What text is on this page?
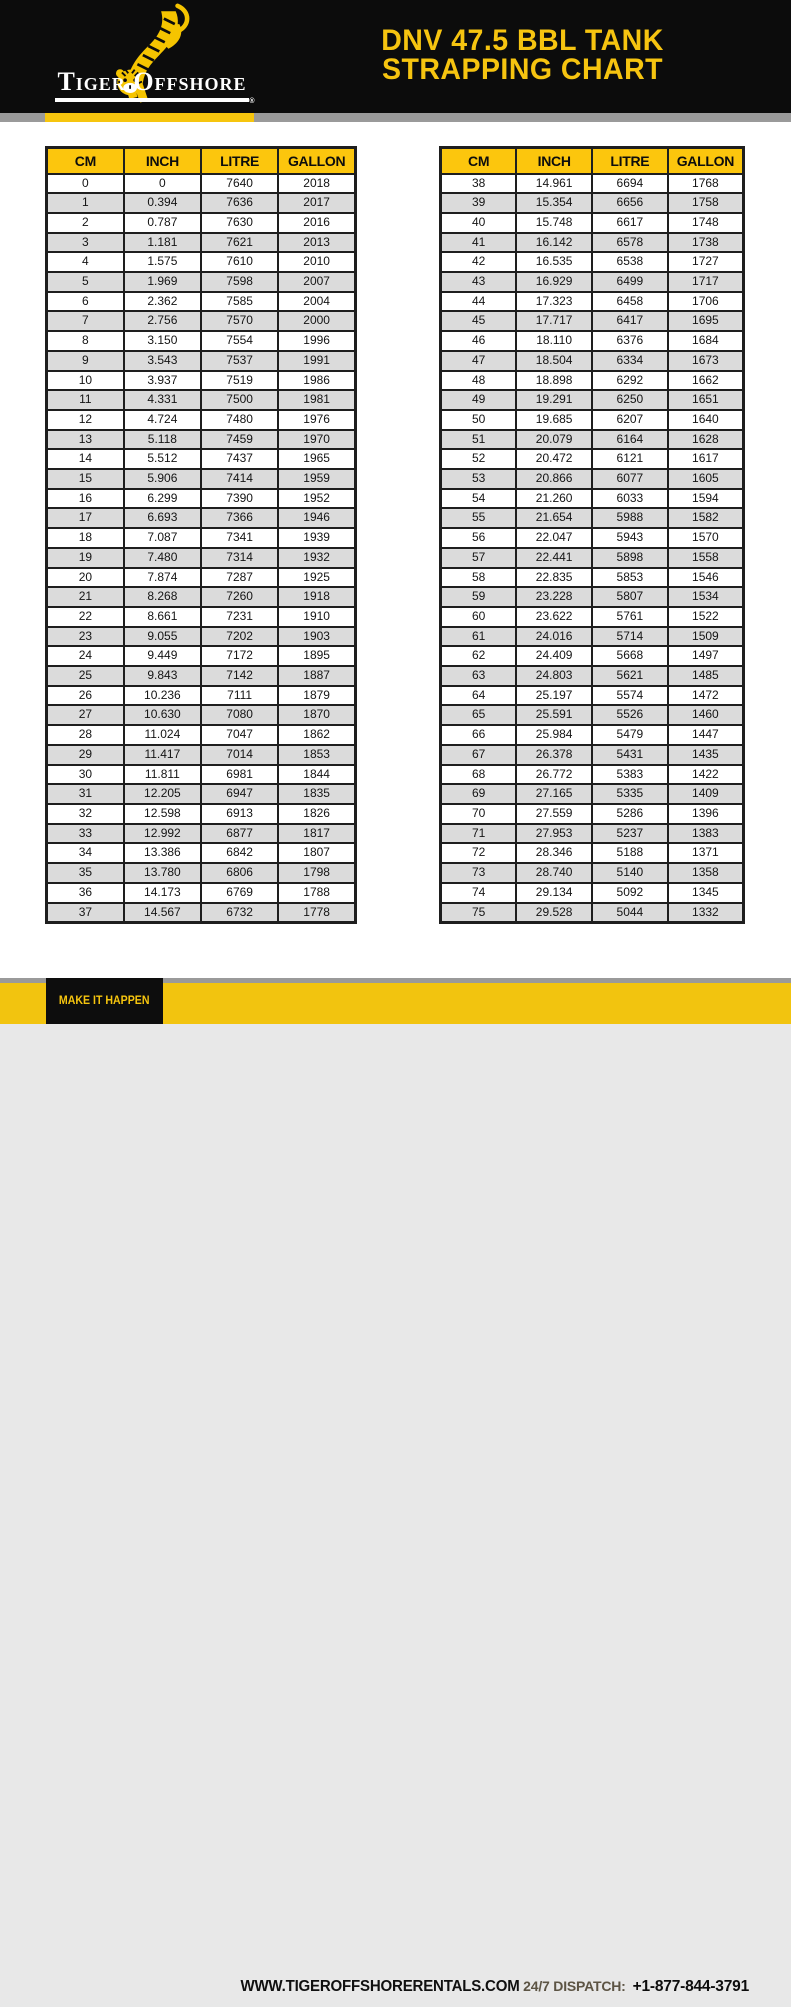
Tiger Offshore
®
DNV 47.5 BBL TANK
STRAPPING CHART
CM	INCH	LITRE	GALLON
0	0	7640	2018
1	0.394	7636	2017
2	0.787	7630	2016
3	1.181	7621	2013
4	1.575	7610	2010
5	1.969	7598	2007
6	2.362	7585	2004
7	2.756	7570	2000
8	3.150	7554	1996
9	3.543	7537	1991
10	3.937	7519	1986
11	4.331	7500	1981
12	4.724	7480	1976
13	5.118	7459	1970
14	5.512	7437	1965
15	5.906	7414	1959
16	6.299	7390	1952
17	6.693	7366	1946
18	7.087	7341	1939
19	7.480	7314	1932
20	7.874	7287	1925
21	8.268	7260	1918
22	8.661	7231	1910
23	9.055	7202	1903
24	9.449	7172	1895
25	9.843	7142	1887
26	10.236	7111	1879
27	10.630	7080	1870
28	11.024	7047	1862
29	11.417	7014	1853
30	11.811	6981	1844
31	12.205	6947	1835
32	12.598	6913	1826
33	12.992	6877	1817
34	13.386	6842	1807
35	13.780	6806	1798
36	14.173	6769	1788
37	14.567	6732	1778
CM	INCH	LITRE	GALLON
38	14.961	6694	1768
39	15.354	6656	1758
40	15.748	6617	1748
41	16.142	6578	1738
42	16.535	6538	1727
43	16.929	6499	1717
44	17.323	6458	1706
45	17.717	6417	1695
46	18.110	6376	1684
47	18.504	6334	1673
48	18.898	6292	1662
49	19.291	6250	1651
50	19.685	6207	1640
51	20.079	6164	1628
52	20.472	6121	1617
53	20.866	6077	1605
54	21.260	6033	1594
55	21.654	5988	1582
56	22.047	5943	1570
57	22.441	5898	1558
58	22.835	5853	1546
59	23.228	5807	1534
60	23.622	5761	1522
61	24.016	5714	1509
62	24.409	5668	1497
63	24.803	5621	1485
64	25.197	5574	1472
65	25.591	5526	1460
66	25.984	5479	1447
67	26.378	5431	1435
68	26.772	5383	1422
69	27.165	5335	1409
70	27.559	5286	1396
71	27.953	5237	1383
72	28.346	5188	1371
73	28.740	5140	1358
74	29.134	5092	1345
75	29.528	5044	1332
WWW.TIGEROFFSHORERENTALS.COM 24/7 DISPATCH: +1-877-844-3791
MAKE IT HAPPEN
